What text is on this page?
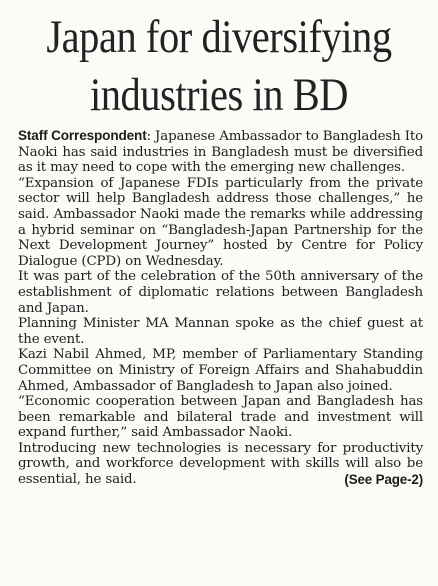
Japan for diversifying
industries in BD

Staff Correspondent: Japanese Ambassador to Bangladesh Ito Naoki has said industries in Bangladesh must be diversified as it may need to cope with the emerging new challenges.

“Expansion of Japanese FDIs particularly from the private sector will help Bangladesh address those challenges,” he said. Ambassador Naoki made the remarks while addressing a hybrid seminar on “Bangladesh-Japan Partnership for the Next Development Journey” hosted by Centre for Policy Dialogue (CPD) on Wednesday.

It was part of the celebration of the 50th anniversary of the establishment of diplomatic relations between Bangladesh and Japan.

Planning Minister MA Mannan spoke as the chief guest at the event.

Kazi Nabil Ahmed, MP, member of Parliamentary Standing Committee on Ministry of Foreign Affairs and Shahabuddin Ahmed, Ambassador of Bangladesh to Japan also joined.

“Economic cooperation between Japan and Bangladesh has been remarkable and bilateral trade and investment will expand further,” said Ambassador Naoki.

Introducing new technologies is necessary for productivity growth, and workforce development with skills will also be essential, he said.	(See Page-2)
